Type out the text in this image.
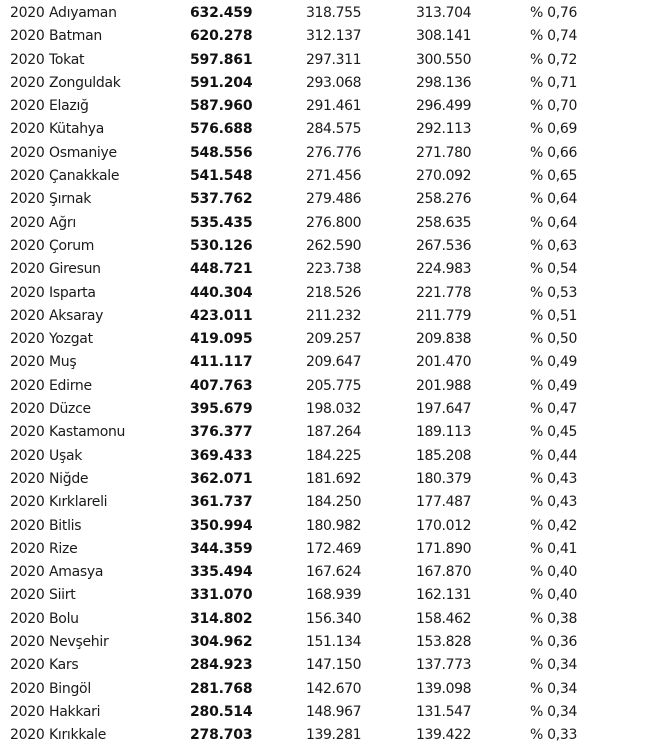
2020 Adıyaman	632.459	318.755	313.704	% 0,76
2020 Batman	620.278	312.137	308.141	% 0,74
2020 Tokat	597.861	297.311	300.550	% 0,72
2020 Zonguldak	591.204	293.068	298.136	% 0,71
2020 Elazığ	587.960	291.461	296.499	% 0,70
2020 Kütahya	576.688	284.575	292.113	% 0,69
2020 Osmaniye	548.556	276.776	271.780	% 0,66
2020 Çanakkale	541.548	271.456	270.092	% 0,65
2020 Şırnak	537.762	279.486	258.276	% 0,64
2020 Ağrı	535.435	276.800	258.635	% 0,64
2020 Çorum	530.126	262.590	267.536	% 0,63
2020 Giresun	448.721	223.738	224.983	% 0,54
2020 Isparta	440.304	218.526	221.778	% 0,53
2020 Aksaray	423.011	211.232	211.779	% 0,51
2020 Yozgat	419.095	209.257	209.838	% 0,50
2020 Muş	411.117	209.647	201.470	% 0,49
2020 Edirne	407.763	205.775	201.988	% 0,49
2020 Düzce	395.679	198.032	197.647	% 0,47
2020 Kastamonu	376.377	187.264	189.113	% 0,45
2020 Uşak	369.433	184.225	185.208	% 0,44
2020 Niğde	362.071	181.692	180.379	% 0,43
2020 Kırklareli	361.737	184.250	177.487	% 0,43
2020 Bitlis	350.994	180.982	170.012	% 0,42
2020 Rize	344.359	172.469	171.890	% 0,41
2020 Amasya	335.494	167.624	167.870	% 0,40
2020 Siirt	331.070	168.939	162.131	% 0,40
2020 Bolu	314.802	156.340	158.462	% 0,38
2020 Nevşehir	304.962	151.134	153.828	% 0,36
2020 Kars	284.923	147.150	137.773	% 0,34
2020 Bingöl	281.768	142.670	139.098	% 0,34
2020 Hakkari	280.514	148.967	131.547	% 0,34
2020 Kırıkkale	278.703	139.281	139.422	% 0,33
